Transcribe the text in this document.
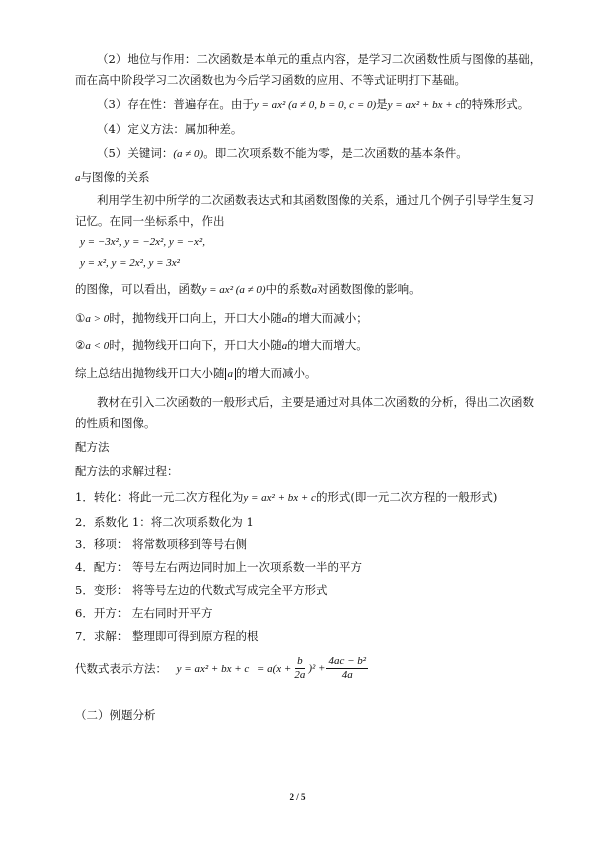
（2）地位与作用：二次函数是本单元的重点内容，是学习二次函数性质与图像的基础，
而在高中阶段学习二次函数也为今后学习函数的应用、不等式证明打下基础。
（3）存在性：普遍存在。由于y = ax² (a ≠ 0, b = 0, c = 0)是y = ax² + bx + c的特殊形式。
（4）定义方法：属加种差。
（5）关键词：(a ≠ 0)。即二次项系数不能为零，是二次函数的基本条件。
a与图像的关系
利用学生初中所学的二次函数表达式和其函数图像的关系，通过几个例子引导学生复习
记忆。在同一坐标系中，作出
y = −3x², y = −2x², y = −x²,
y = x², y = 2x², y = 3x²
的图像，可以看出，函数y = ax² (a ≠ 0)中的系数a对函数图像的影响。
①a > 0时，抛物线开口向上，开口大小随a的增大而减小；
②a < 0时，抛物线开口向下，开口大小随a的增大而增大。
综上总结出抛物线开口大小随 a 的增大而减小。
教材在引入二次函数的一般形式后，主要是通过对具体二次函数的分析，得出二次函数
的性质和图像。
配方法
配方法的求解过程：
1．转化：将此一元二次方程化为y = ax² + bx + c的形式(即一元二次方程的一般形式)
2．系数化 1：将二次项系数化为 1
3．移项： 将常数项移到等号右侧
4．配方： 等号左右两边同时加上一次项系数一半的平方
5．变形： 将等号左边的代数式写成完全平方形式
6．开方： 左右同时开平方
7．求解： 整理即可得到原方程的根
代数式表示方法： y = ax² + bx + $c = a(x + \frac{b}{2a} )^2 + \frac{\text{4ac − b²}}{4a}$
（二）例题分析
2 / 5
